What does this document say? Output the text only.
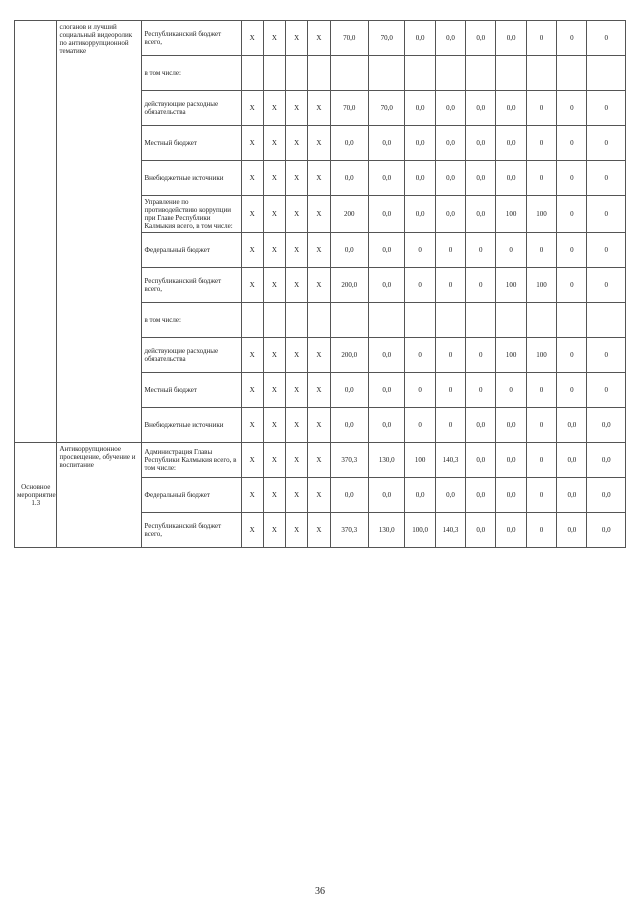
	слоганов и лучший социальный видеоролик по антикоррупционной тематике	Республиканский бюджет всего,	X	X	X	X	70,0	70,0	0,0	0,0	0,0	0,0	0	0	0
		в том числе:													
		действующие расходные обязательства	X	X	X	X	70,0	70,0	0,0	0,0	0,0	0,0	0	0	0
		Местный бюджет	X	X	X	X	0,0	0,0	0,0	0,0	0,0	0,0	0	0	0
		Внебюджетные источники	X	X	X	X	0,0	0,0	0,0	0,0	0,0	0,0	0	0	0
		Управление по противодействию коррупции при Главе Республики Калмыкия всего, в том числе:	X	X	X	X	200	0,0	0,0	0,0	0,0	100	100	0	0
		Федеральный бюджет	X	X	X	X	0,0	0,0	0	0	0	0	0	0	0
		Республиканский бюджет всего,	X	X	X	X	200,0	0,0	0	0	0	100	100	0	0
		в том числе:													
		действующие расходные обязательства	X	X	X	X	200,0	0,0	0	0	0	100	100	0	0
		Местный бюджет	X	X	X	X	0,0	0,0	0	0	0	0	0	0	0
		Внебюджетные источники	X	X	X	X	0,0	0,0	0	0	0,0	0,0	0	0,0	0,0
Основное мероприятие 1.3	Антикоррупционное просвещение, обучение и воспитание	Администрация Главы Республики Калмыкия всего, в том числе:	X	X	X	X	370,3	130,0	100	140,3	0,0	0,0	0	0,0	0,0
		Федеральный бюджет	X	X	X	X	0,0	0,0	0,0	0,0	0,0	0,0	0	0,0	0,0
		Республиканский бюджет всего,	X	X	X	X	370,3	130,0	100,0	140,3	0,0	0,0	0	0,0	0,0
36
